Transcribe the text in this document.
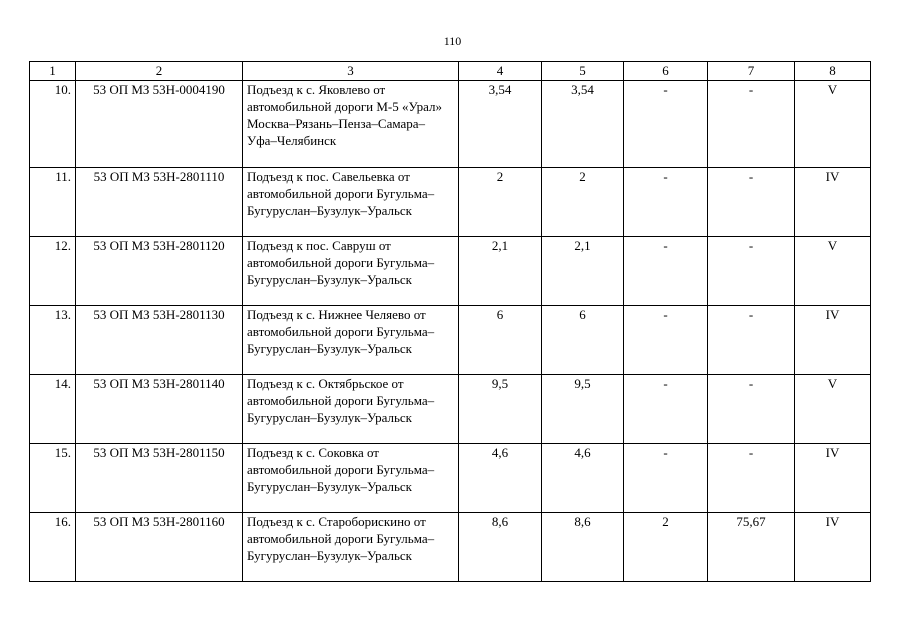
110
1	2	3	4	5	6	7	8
10.	53 ОП МЗ 53Н-0004190	Подъезд к с. Яковлево от автомобильной дороги М-5 «Урал» Москва–Рязань–Пенза–Самара–Уфа–Челябинск	3,54	3,54	-	-	V
11.	53 ОП МЗ 53Н-2801110	Подъезд к пос. Савельевка от автомобильной дороги Бугульма–Бугуруслан–Бузулук–Уральск	2	2	-	-	IV
12.	53 ОП МЗ 53Н-2801120	Подъезд к пос. Савруш от автомобильной дороги Бугульма–Бугуруслан–Бузулук–Уральск	2,1	2,1	-	-	V
13.	53 ОП МЗ 53Н-2801130	Подъезд к с. Нижнее Челяево от автомобильной дороги Бугульма–Бугуруслан–Бузулук–Уральск	6	6	-	-	IV
14.	53 ОП МЗ 53Н-2801140	Подъезд к с. Октябрьское от автомобильной дороги Бугульма–Бугуруслан–Бузулук–Уральск	9,5	9,5	-	-	V
15.	53 ОП МЗ 53Н-2801150	Подъезд к с. Соковка от автомобильной дороги Бугульма–Бугуруслан–Бузулук–Уральск	4,6	4,6	-	-	IV
16.	53 ОП МЗ 53Н-2801160	Подъезд к с. Староборискино от автомобильной дороги Бугульма–Бугуруслан–Бузулук–Уральск	8,6	8,6	2	75,67	IV
